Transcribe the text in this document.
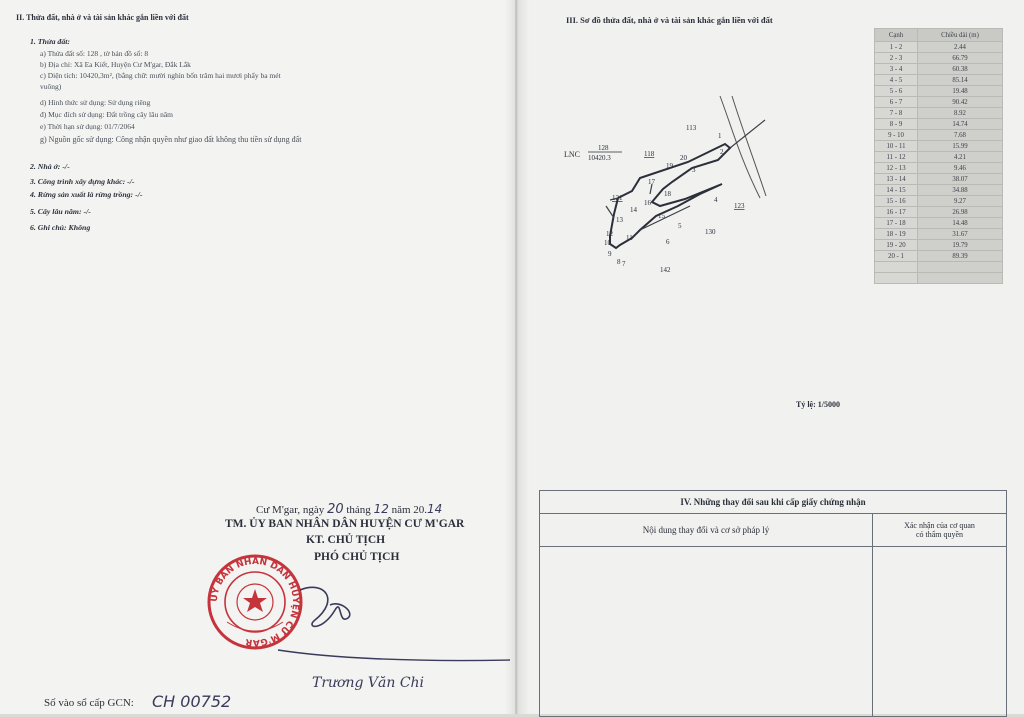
II. Thửa đất, nhà ở và tài sản khác gắn liền với đất
1. Thửa đất:
a) Thửa đất số: 128 , tờ bản đồ số: 8
b) Địa chỉ: Xã Ea Kiết, Huyện Cư M'gar, Đắk Lắk
c) Diện tích: 10420,3m², (bằng chữ: mười nghìn bốn trăm hai mươi phẩy ba mét
vuông)
d) Hình thức sử dụng: Sử dụng riêng
đ) Mục đích sử dụng: Đất trồng cây lâu năm
e) Thời hạn sử dụng: 01/7/2064
g) Nguồn gốc sử dụng: Công nhận quyền như giao đất không thu tiền sử dụng đất
2. Nhà ở: -/-
3. Công trình xây dựng khác: -/-
4. Rừng sản xuất là rừng trồng: -/-
5. Cây lâu năm: -/-
6. Ghi chú: Không
Cư M'gar, ngày 20 tháng 12 năm 20.14
TM. ỦY BAN NHÂN DÂN HUYỆN CƯ M'GAR
KT. CHỦ TỊCH
PHÓ CHỦ TỊCH
ỦY BAN NHÂN DÂN HUYỆN CƯ M'GAR
Trương Văn Chi
Số vào sổ cấp GCN: CH 00752
III. Sơ đồ thửa đất, nhà ở và tài sản khác gắn liền với đất
113
118
121
123
130
142
LNC
128
10420.3
1
2
3
4
5
6
7
8
9
10
11
12
13
14
15
16
17
18
19
20
Tỷ lệ: 1/5000
Cạnh	Chiều dài (m)
1 - 2	2.44
2 - 3	66.79
3 - 4	60.38
4 - 5	85.14
5 - 6	19.48
6 - 7	90.42
7 - 8	8.92
8 - 9	14.74
9 - 10	7.68
10 - 11	15.99
11 - 12	4.21
12 - 13	9.46
13 - 14	38.07
14 - 15	34.88
15 - 16	9.27
16 - 17	26.98
17 - 18	14.48
18 - 19	31.67
19 - 20	19.79
20 - 1	89.39

IV. Những thay đổi sau khi cấp giấy chứng nhận	
Nội dung thay đổi và cơ sở pháp lý	Xác nhận của cơ quan
có thẩm quyền
